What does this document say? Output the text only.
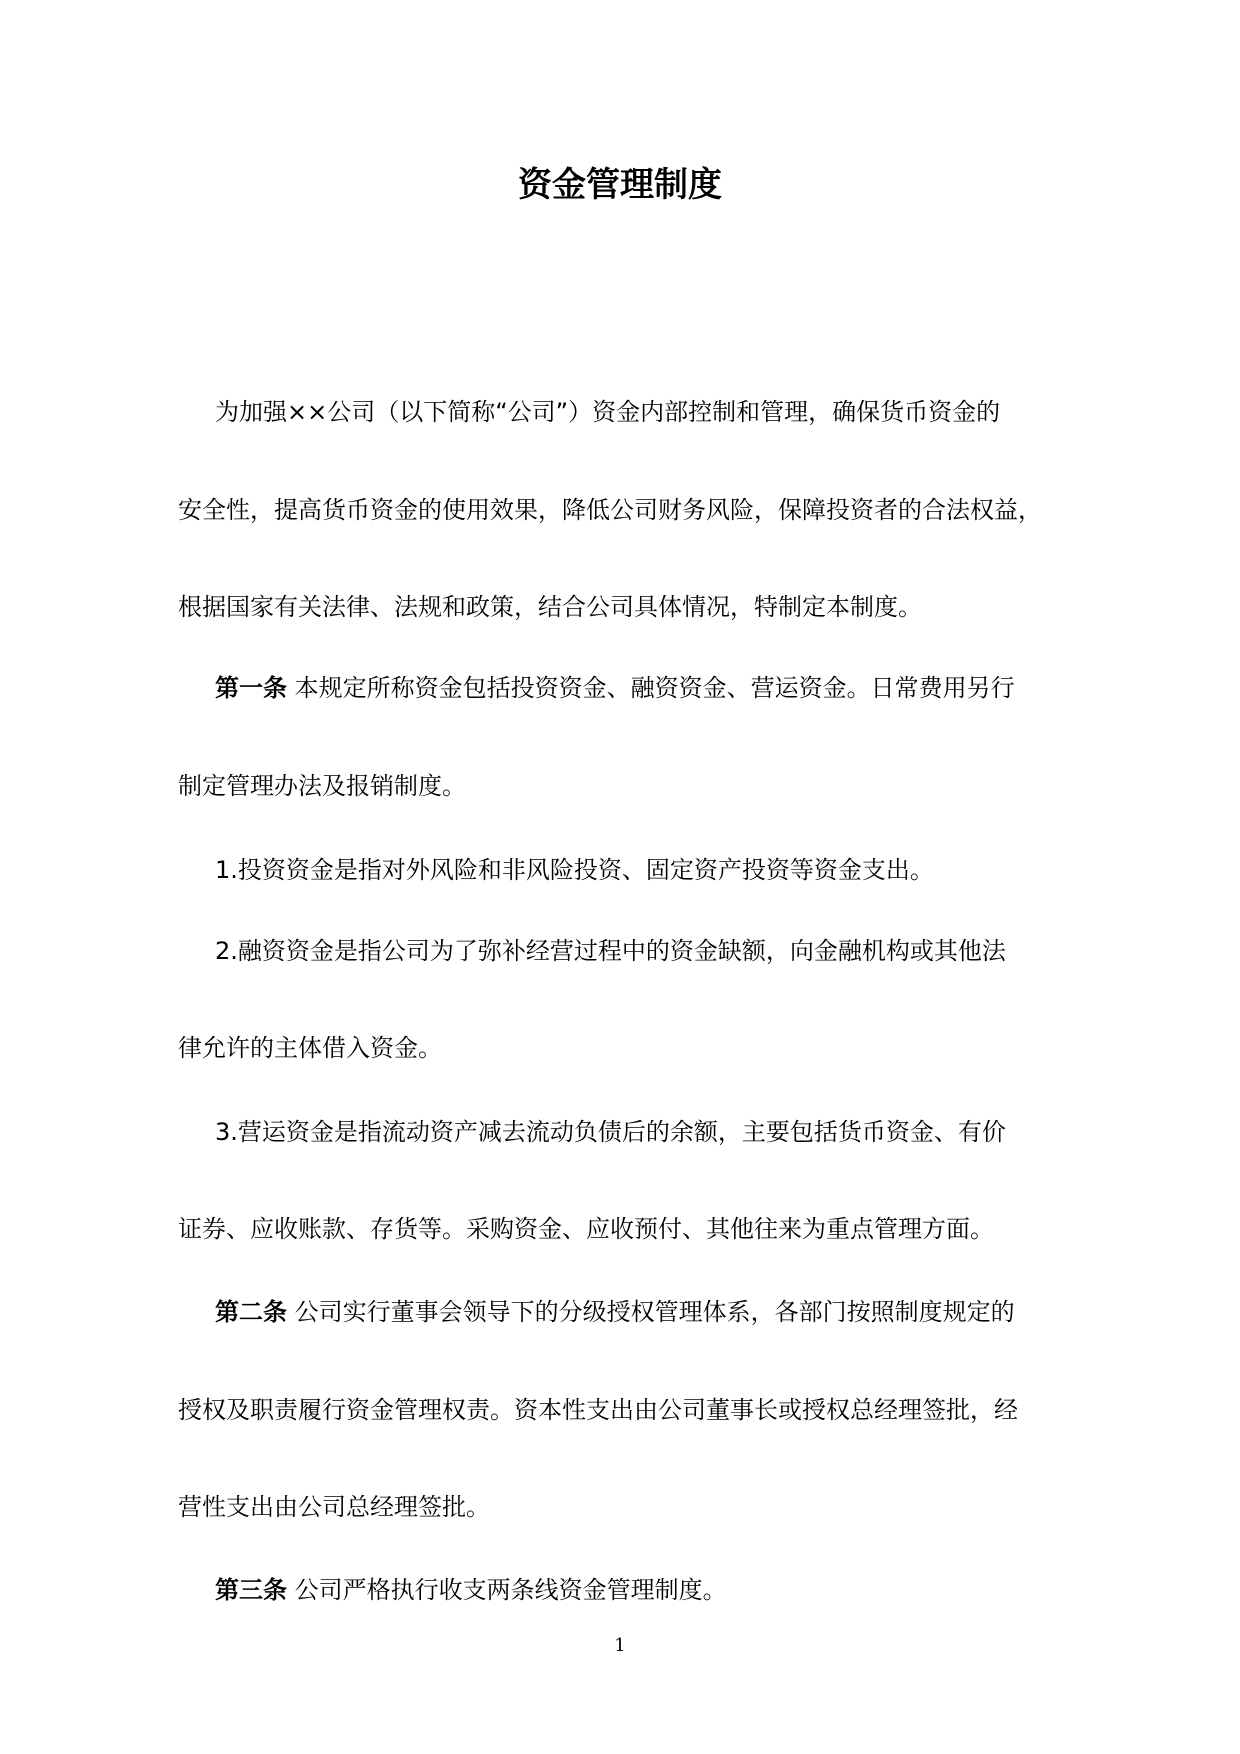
资金管理制度

为加强××公司（以下简称“公司”）资金内部控制和管理，确保货币资金的

安全性，提高货币资金的使用效果，降低公司财务风险，保障投资者的合法权益，

根据国家有关法律、法规和政策，结合公司具体情况，特制定本制度。

第一条 本规定所称资金包括投资资金、融资资金、营运资金。日常费用另行

制定管理办法及报销制度。

1.投资资金是指对外风险和非风险投资、固定资产投资等资金支出。

2.融资资金是指公司为了弥补经营过程中的资金缺额，向金融机构或其他法

律允许的主体借入资金。

3.营运资金是指流动资产减去流动负债后的余额，主要包括货币资金、有价

证券、应收账款、存货等。采购资金、应收预付、其他往来为重点管理方面。

第二条 公司实行董事会领导下的分级授权管理体系，各部门按照制度规定的

授权及职责履行资金管理权责。资本性支出由公司董事长或授权总经理签批，经

营性支出由公司总经理签批。

第三条 公司严格执行收支两条线资金管理制度。

1
